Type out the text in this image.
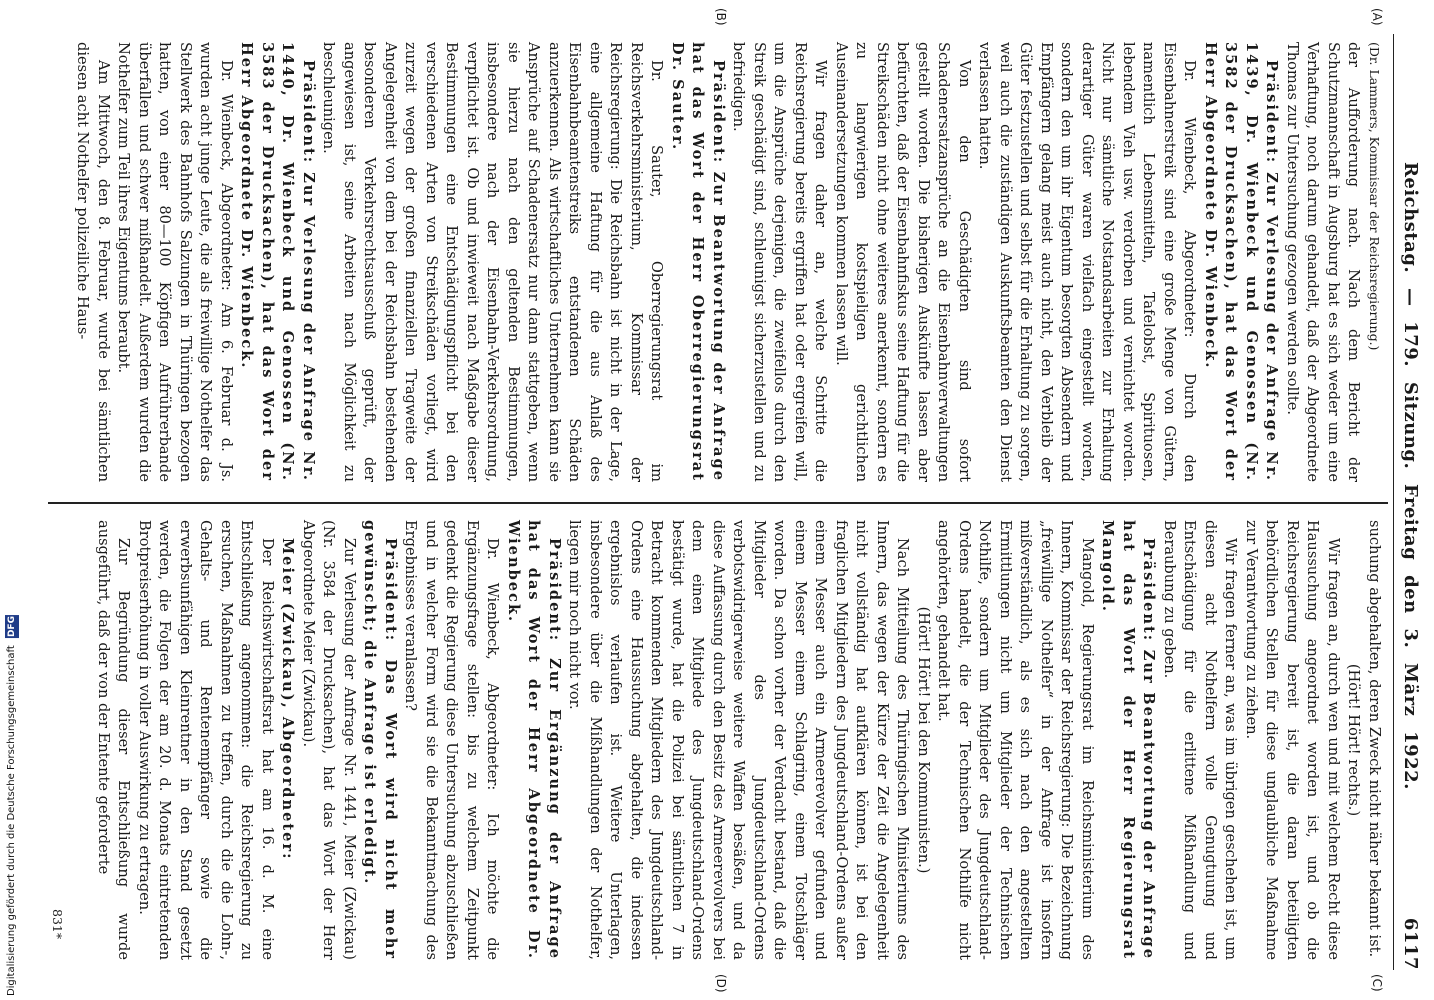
Reichstag. — 179. Sitzung. Freitag den 3. März 1922.
6117
(A)
(B)
(C)
(D)

(Dr. Lammers, Kommissar der Reichsregierung.)

der Aufforderung nach. Nach dem Bericht der Schutzmannschaft in Augsburg hat es sich weder um eine Verhaftung, noch darum gehandelt, daß der Abgeordnete Thomas zur Untersuchung gezogen werden sollte.

Präsident: Zur Verlesung der Anfrage Nr. 1439, Dr. Wienbeck und Genossen (Nr. 3582 der Drucksachen), hat das Wort der Herr Abgeordnete Dr. Wienbeck.

Dr. Wienbeck, Abgeordneter: Durch den Eisenbahnerstreik sind eine große Menge von Gütern, namentlich Lebensmitteln, Tafelobst, Spirituosen, lebendem Vieh usw. verdorben und vernichtet worden. Nicht nur sämtliche Notstandsarbeiten zur Erhaltung derartiger Güter waren vielfach eingestellt worden, sondern den um ihr Eigentum besorgten Absendern und Empfängern gelang meist auch nicht, den Verbleib der Güter festzustellen und selbst für die Erhaltung zu sorgen, weil auch die zuständigen Auskunftsbeamten den Dienst verlassen hatten.

Von den Geschädigten sind sofort Schadenersatzansprüche an die Eisenbahnverwaltungen gestellt worden. Die bisherigen Auskünfte lassen aber befürchten, daß der Eisenbahnfiskus seine Haftung für die Streikschäden nicht ohne weiteres anerkennt, sondern es zu langwierigen kostspieligen gerichtlichen Auseinandersetzungen kommen lassen will.

Wir fragen daher an, welche Schritte die Reichsregierung bereits ergriffen hat oder ergreifen will, um die Ansprüche derjenigen, die zweifellos durch den Streik geschädigt sind, schleunigst sicherzustellen und zu befriedigen.

Präsident: Zur Beantwortung der Anfrage hat das Wort der Herr Oberregierungsrat Dr. Sauter.

Dr. Sauter, Oberregierungsrat im Reichsverkehrsministerium, Kommissar der Reichsregierung: Die Reichsbahn ist nicht in der Lage, eine allgemeine Haftung für die aus Anlaß des Eisenbahnbeamtenstreiks entstandenen Schäden anzuerkennen. Als wirtschaftliches Unternehmen kann sie Ansprüche auf Schadenersatz nur dann stattgeben, wenn sie hierzu nach den geltenden Bestimmungen, insbesondere nach der Eisenbahn-Verkehrsordnung, verpflichtet ist. Ob und inwieweit nach Maßgabe dieser Bestimmungen eine Entschädigungspflicht bei den verschiedenen Arten von Streikschäden vorliegt, wird zurzeit wegen der großen finanziellen Tragweite der Angelegenheit von dem bei der Reichsbahn bestehenden besonderen Verkehrsrechtsausschuß geprüft, der angewiesen ist, seine Arbeiten nach Möglichkeit zu beschleunigen.

Präsident: Zur Verlesung der Anfrage Nr. 1440, Dr. Wienbeck und Genossen (Nr. 3583 der Drucksachen), hat das Wort der Herr Abgeordnete Dr. Wienbeck.

Dr. Wienbeck, Abgeordneter: Am 6. Februar d. Js. wurden acht junge Leute, die als freiwillige Nothelfer das Stellwerk des Bahnhofs Salzungen in Thüringen bezogen hatten, von einer 80—100 Köpfigen Aufrührerbande überfallen und schwer mißhandelt. Außerdem wurden die Nothelfer zum Teil ihres Eigentums beraubt.

Am Mittwoch, den 8. Februar, wurde bei sämtlichen diesen acht Nothelfer polizeiliche Haus-

suchung abgehalten, deren Zweck nicht näher bekannt ist.

(Hört! Hört! rechts.)

Wir fragen an, durch wen und mit welchem Recht diese Haussuchung angeordnet worden ist, und ob die Reichsregierung bereit ist, die daran beteiligten behördlichen Stellen für diese unglaubliche Maßnahme zur Verantwortung zu ziehen.

Wir fragen ferner an, was im übrigen geschehen ist, um diesen acht Nothelfern volle Genugtuung und Entschädigung für die erlittene Mißhandlung und Beraubung zu geben.

Präsident: Zur Beantwortung der Anfrage hat das Wort der Herr Regierungsrat Mangold.

Mangold, Regierungsrat im Reichsministerium des Innern, Kommissar der Reichsregierung: Die Bezeichnung „freiwillige Nothelfer“ in der Anfrage ist insofern mißverständlich, als es sich nach den angestellten Ermittlungen nicht um Mitglieder der Technischen Nothilfe, sondern um Mitglieder des Jungdeutschland-Ordens handelt, die der Technischen Nothilfe nicht angehörten, gehandelt hat.

(Hört! Hört! bei den Kommunisten.)

Nach Mitteilung des Thüringischen Ministeriums des Innern, das wegen der Kürze der Zeit die Angelegenheit nicht vollständig hat aufklären können, ist bei den fraglichen Mitgliedern des Jungdeutschland-Ordens außer einem Messer auch ein Armeerevolver gefunden und einem Messer einem Schlagring, einem Totschläger worden. Da schon vorher der Verdacht bestand, daß die Mitglieder des Jungdeutschland-Ordens verbotswidrigerweise weitere Waffen besäßen, und da diese Auffassung durch den Besitz des Armeerevolvers bei dem einen Mitgliede des Jungdeutschland-Ordens bestätigt wurde, hat die Polizei bei sämtlichen 7 in Betracht kommenden Mitgliedern des Jungdeutschland-Ordens eine Haussuchung abgehalten, die indessen ergebnislos verlaufen ist. Weitere Unterlagen, insbesondere über die Mißhandlungen der Nothelfer, liegen mir noch nicht vor.

Präsident: Zur Ergänzung der Anfrage hat das Wort der Herr Abgeordnete Dr. Wienbeck.

Dr. Wienbeck, Abgeordneter: Ich möchte die Ergänzungsfrage stellen: bis zu welchem Zeitpunkt gedenkt die Regierung diese Untersuchung abzuschließen und in welcher Form wird sie die Bekanntmachung des Ergebnisses veranlassen?

Präsident: Das Wort wird nicht mehr gewünscht; die Anfrage ist erledigt.

Zur Verlesung der Anfrage Nr. 1441, Meier (Zwickau) (Nr. 3584 der Drucksachen), hat das Wort der Herr Abgeordnete Meier (Zwickau).

Meier (Zwickau), Abgeordneter:

Der Reichswirtschaftsrat hat am 16. d. M. eine Entschließung angenommen: die Reichsregierung zu ersuchen, Maßnahmen zu treffen, durch die die Lohn-, Gehalts- und Rentenempfänger sowie die erwerbsunfähigen Kleinrentner in den Stand gesetzt werden, die Folgen der am 20. d. Monats eintretenden Brotpreiserhöhung in voller Auswirkung zu ertragen.

Zur Begründung dieser Entschließung wurde ausgeführt, daß der von der Entente geforderte

831*
Digitalisierung gefördert durch die Deutsche Forschungsgemeinschaft DFG
